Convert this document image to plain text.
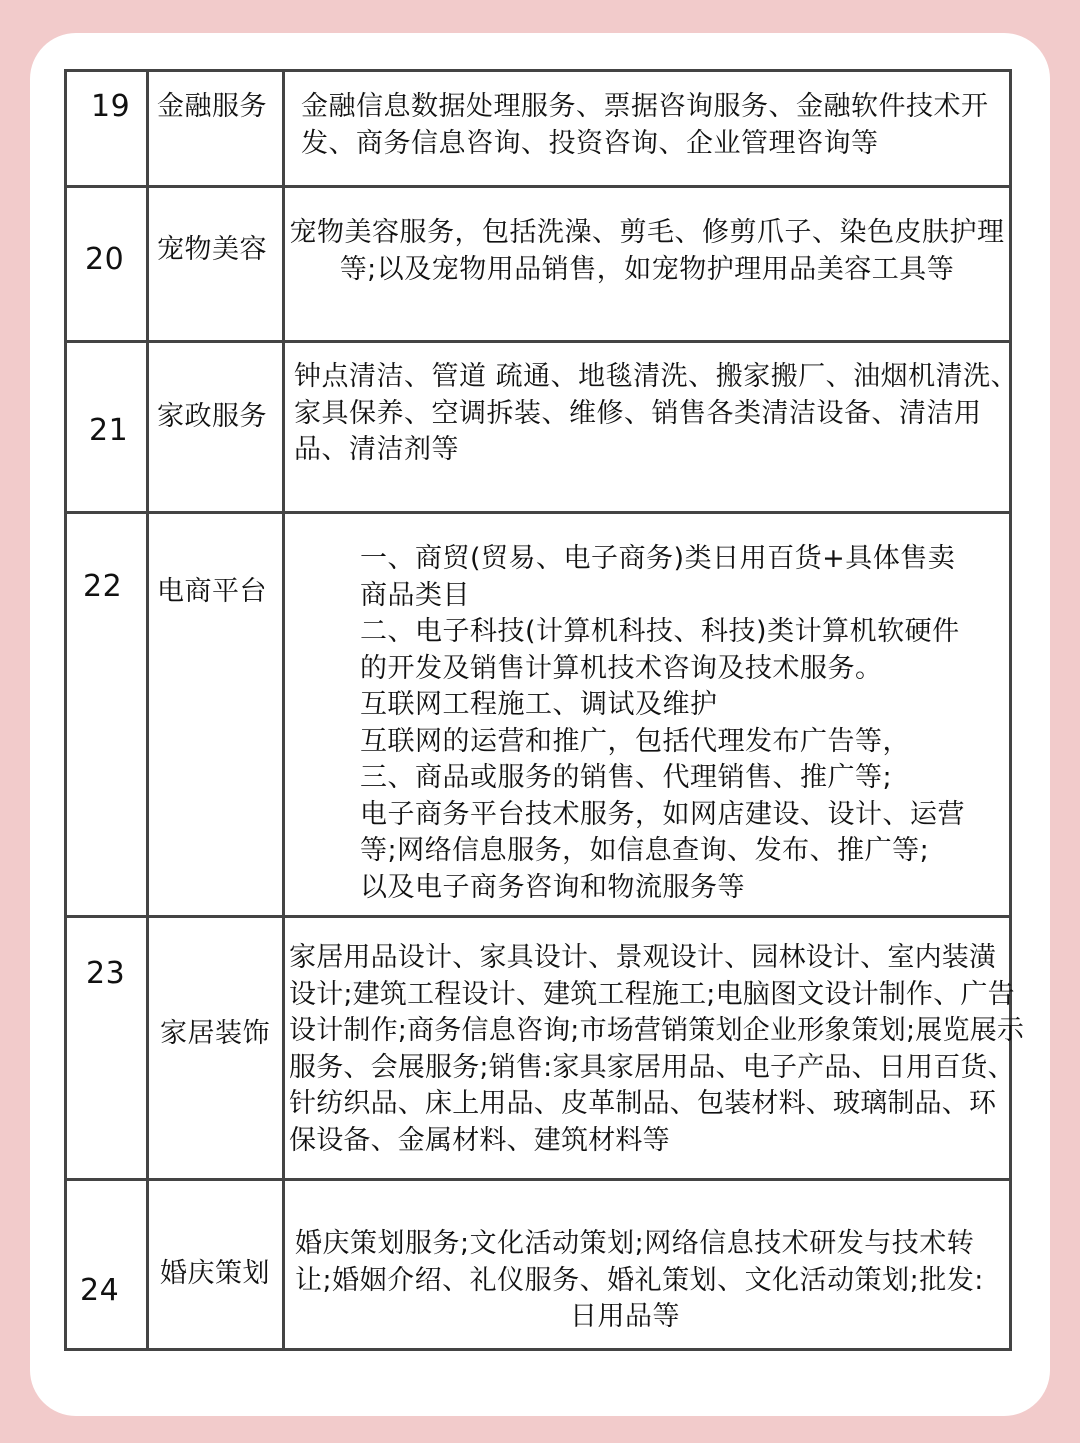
19 金融服务 金融信息数据处理服务、票据咨询服务、金融软件技术开
发、商务信息咨询、投资咨询、企业管理咨询等
20 宠物美容
宠物美容服务，包括洗澡、剪毛、修剪爪子、染色皮肤护理
等;以及宠物用品销售，如宠物护理用品美容工具等
21 家政服务
钟点清洁、管道 疏通、地毯清洗、搬家搬厂、油烟机清洗、
家具保养、空调拆装、维修、销售各类清洁设备、清洁用
品、清洁剂等
22 电商平台
一、商贸(贸易、电子商务)类日用百货+具体售卖
商品类目
二、电子科技(计算机科技、科技)类计算机软硬件
的开发及销售计算机技术咨询及技术服务。
互联网工程施工、调试及维护
互联网的运营和推广，包括代理发布广告等，
三、商品或服务的销售、代理销售、推广等;
电子商务平台技术服务，如网店建设、设计、运营
等;网络信息服务，如信息查询、发布、推广等;
以及电子商务咨询和物流服务等
23
家居装饰
家居用品设计、家具设计、景观设计、园林设计、室内装潢
设计;建筑工程设计、建筑工程施工;电脑图文设计制作、广告
设计制作;商务信息咨询;市场营销策划企业形象策划;展览展示
服务、会展服务;销售:家具家居用品、电子产品、日用百货、
针纺织品、床上用品、皮革制品、包装材料、玻璃制品、环
保设备、金属材料、建筑材料等
24 婚庆策划
婚庆策划服务;文化活动策划;网络信息技术研发与技术转
让;婚姻介绍、礼仪服务、婚礼策划、文化活动策划;批发:
日用品等
